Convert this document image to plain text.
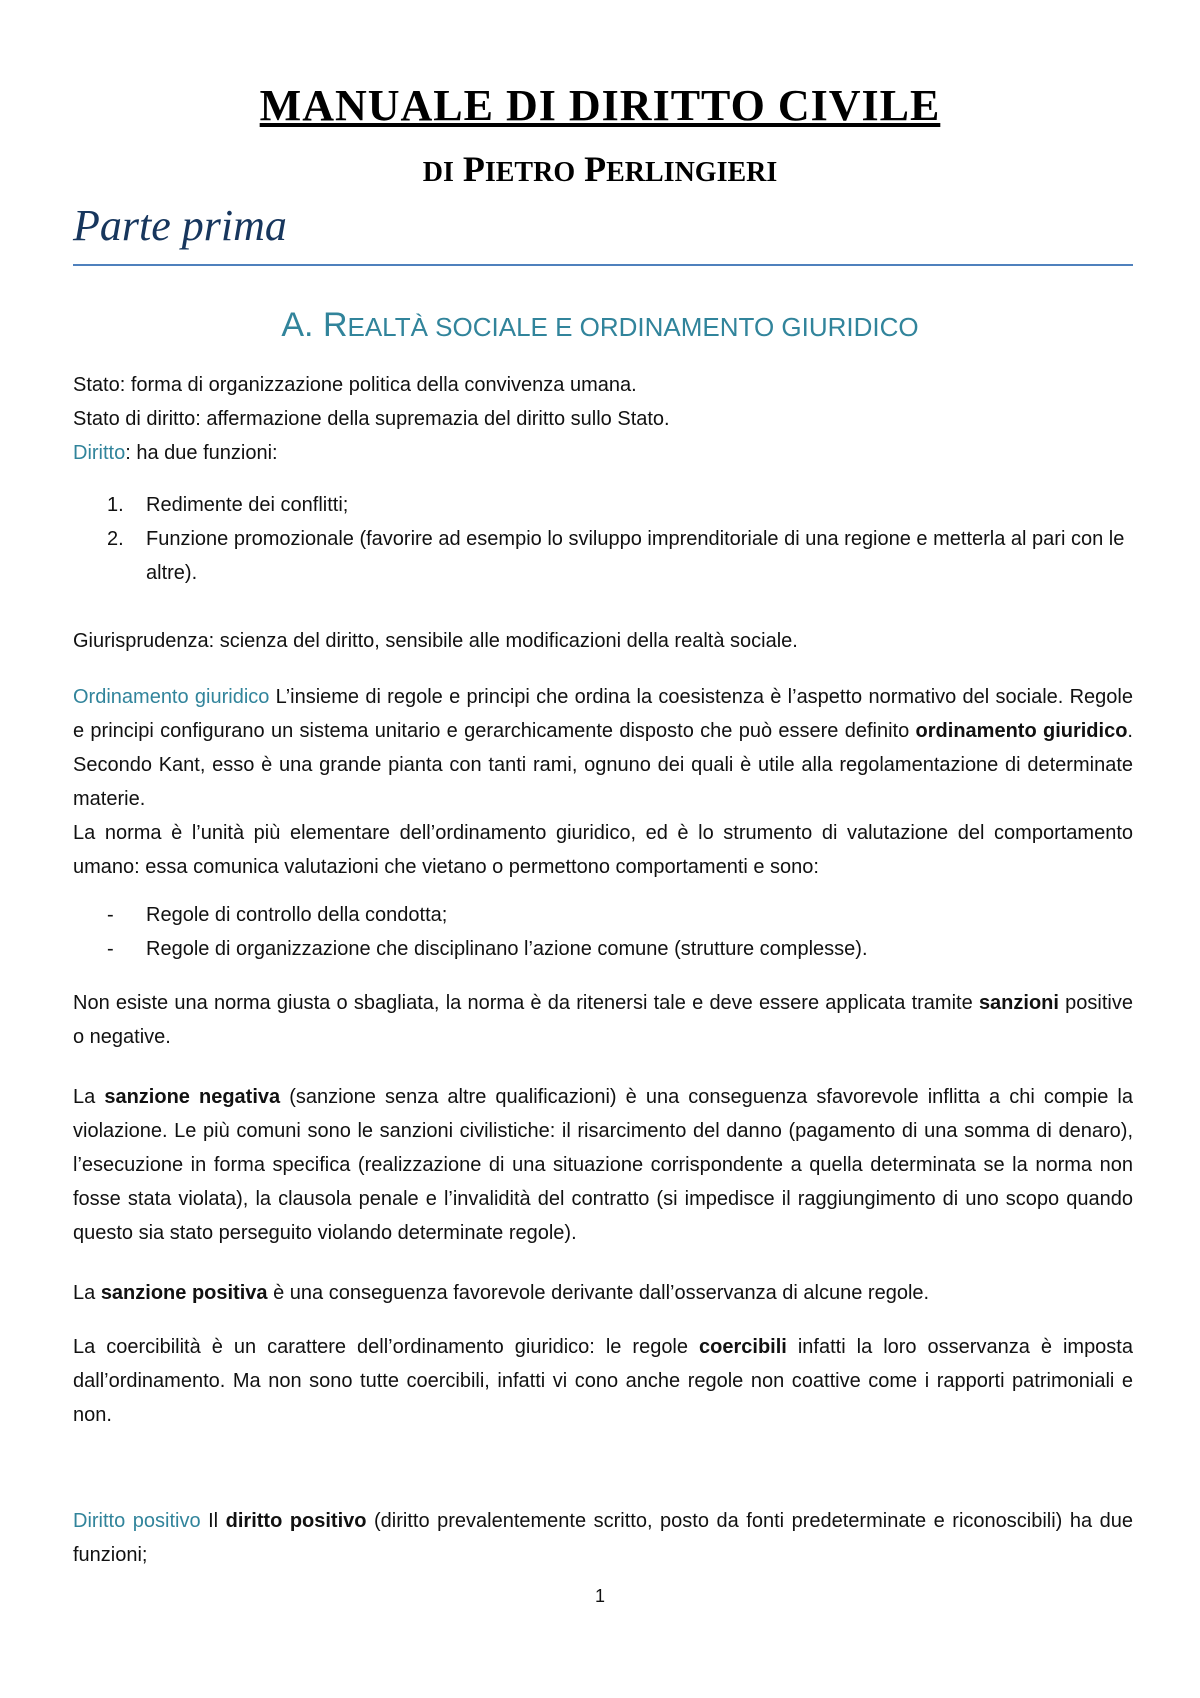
MANUALE DI DIRITTO CIVILE
DI PIETRO PERLINGIERI
Parte prima
A. REALTÀ SOCIALE E ORDINAMENTO GIURIDICO

Stato: forma di organizzazione politica della convivenza umana.

Stato di diritto: affermazione della supremazia del diritto sullo Stato.

Diritto: ha due funzioni:

1. Redimente dei conflitti;
2. Funzione promozionale (favorire ad esempio lo sviluppo imprenditoriale di una regione e metterla al pari con le altre).

Giurisprudenza: scienza del diritto, sensibile alle modificazioni della realtà sociale.

Ordinamento giuridico L’insieme di regole e principi che ordina la coesistenza è l’aspetto normativo del sociale. Regole e principi configurano un sistema unitario e gerarchicamente disposto che può essere definito ordinamento giuridico. Secondo Kant, esso è una grande pianta con tanti rami, ognuno dei quali è utile alla regolamentazione di determinate materie.

La norma è l’unità più elementare dell’ordinamento giuridico, ed è lo strumento di valutazione del comportamento umano: essa comunica valutazioni che vietano o permettono comportamenti e sono:

- Regole di controllo della condotta;
- Regole di organizzazione che disciplinano l’azione comune (strutture complesse).

Non esiste una norma giusta o sbagliata, la norma è da ritenersi tale e deve essere applicata tramite sanzioni positive o negative.

La sanzione negativa (sanzione senza altre qualificazioni) è una conseguenza sfavorevole inflitta a chi compie la violazione. Le più comuni sono le sanzioni civilistiche: il risarcimento del danno (pagamento di una somma di denaro), l’esecuzione in forma specifica (realizzazione di una situazione corrispondente a quella determinata se la norma non fosse stata violata), la clausola penale e l’invalidità del contratto (si impedisce il raggiungimento di uno scopo quando questo sia stato perseguito violando determinate regole).

La sanzione positiva è una conseguenza favorevole derivante dall’osservanza di alcune regole.

La coercibilità è un carattere dell’ordinamento giuridico: le regole coercibili infatti la loro osservanza è imposta dall’ordinamento. Ma non sono tutte coercibili, infatti vi cono anche regole non coattive come i rapporti patrimoniali e non.

Diritto positivo Il diritto positivo (diritto prevalentemente scritto, posto da fonti predeterminate e riconoscibili) ha due funzioni;

1
